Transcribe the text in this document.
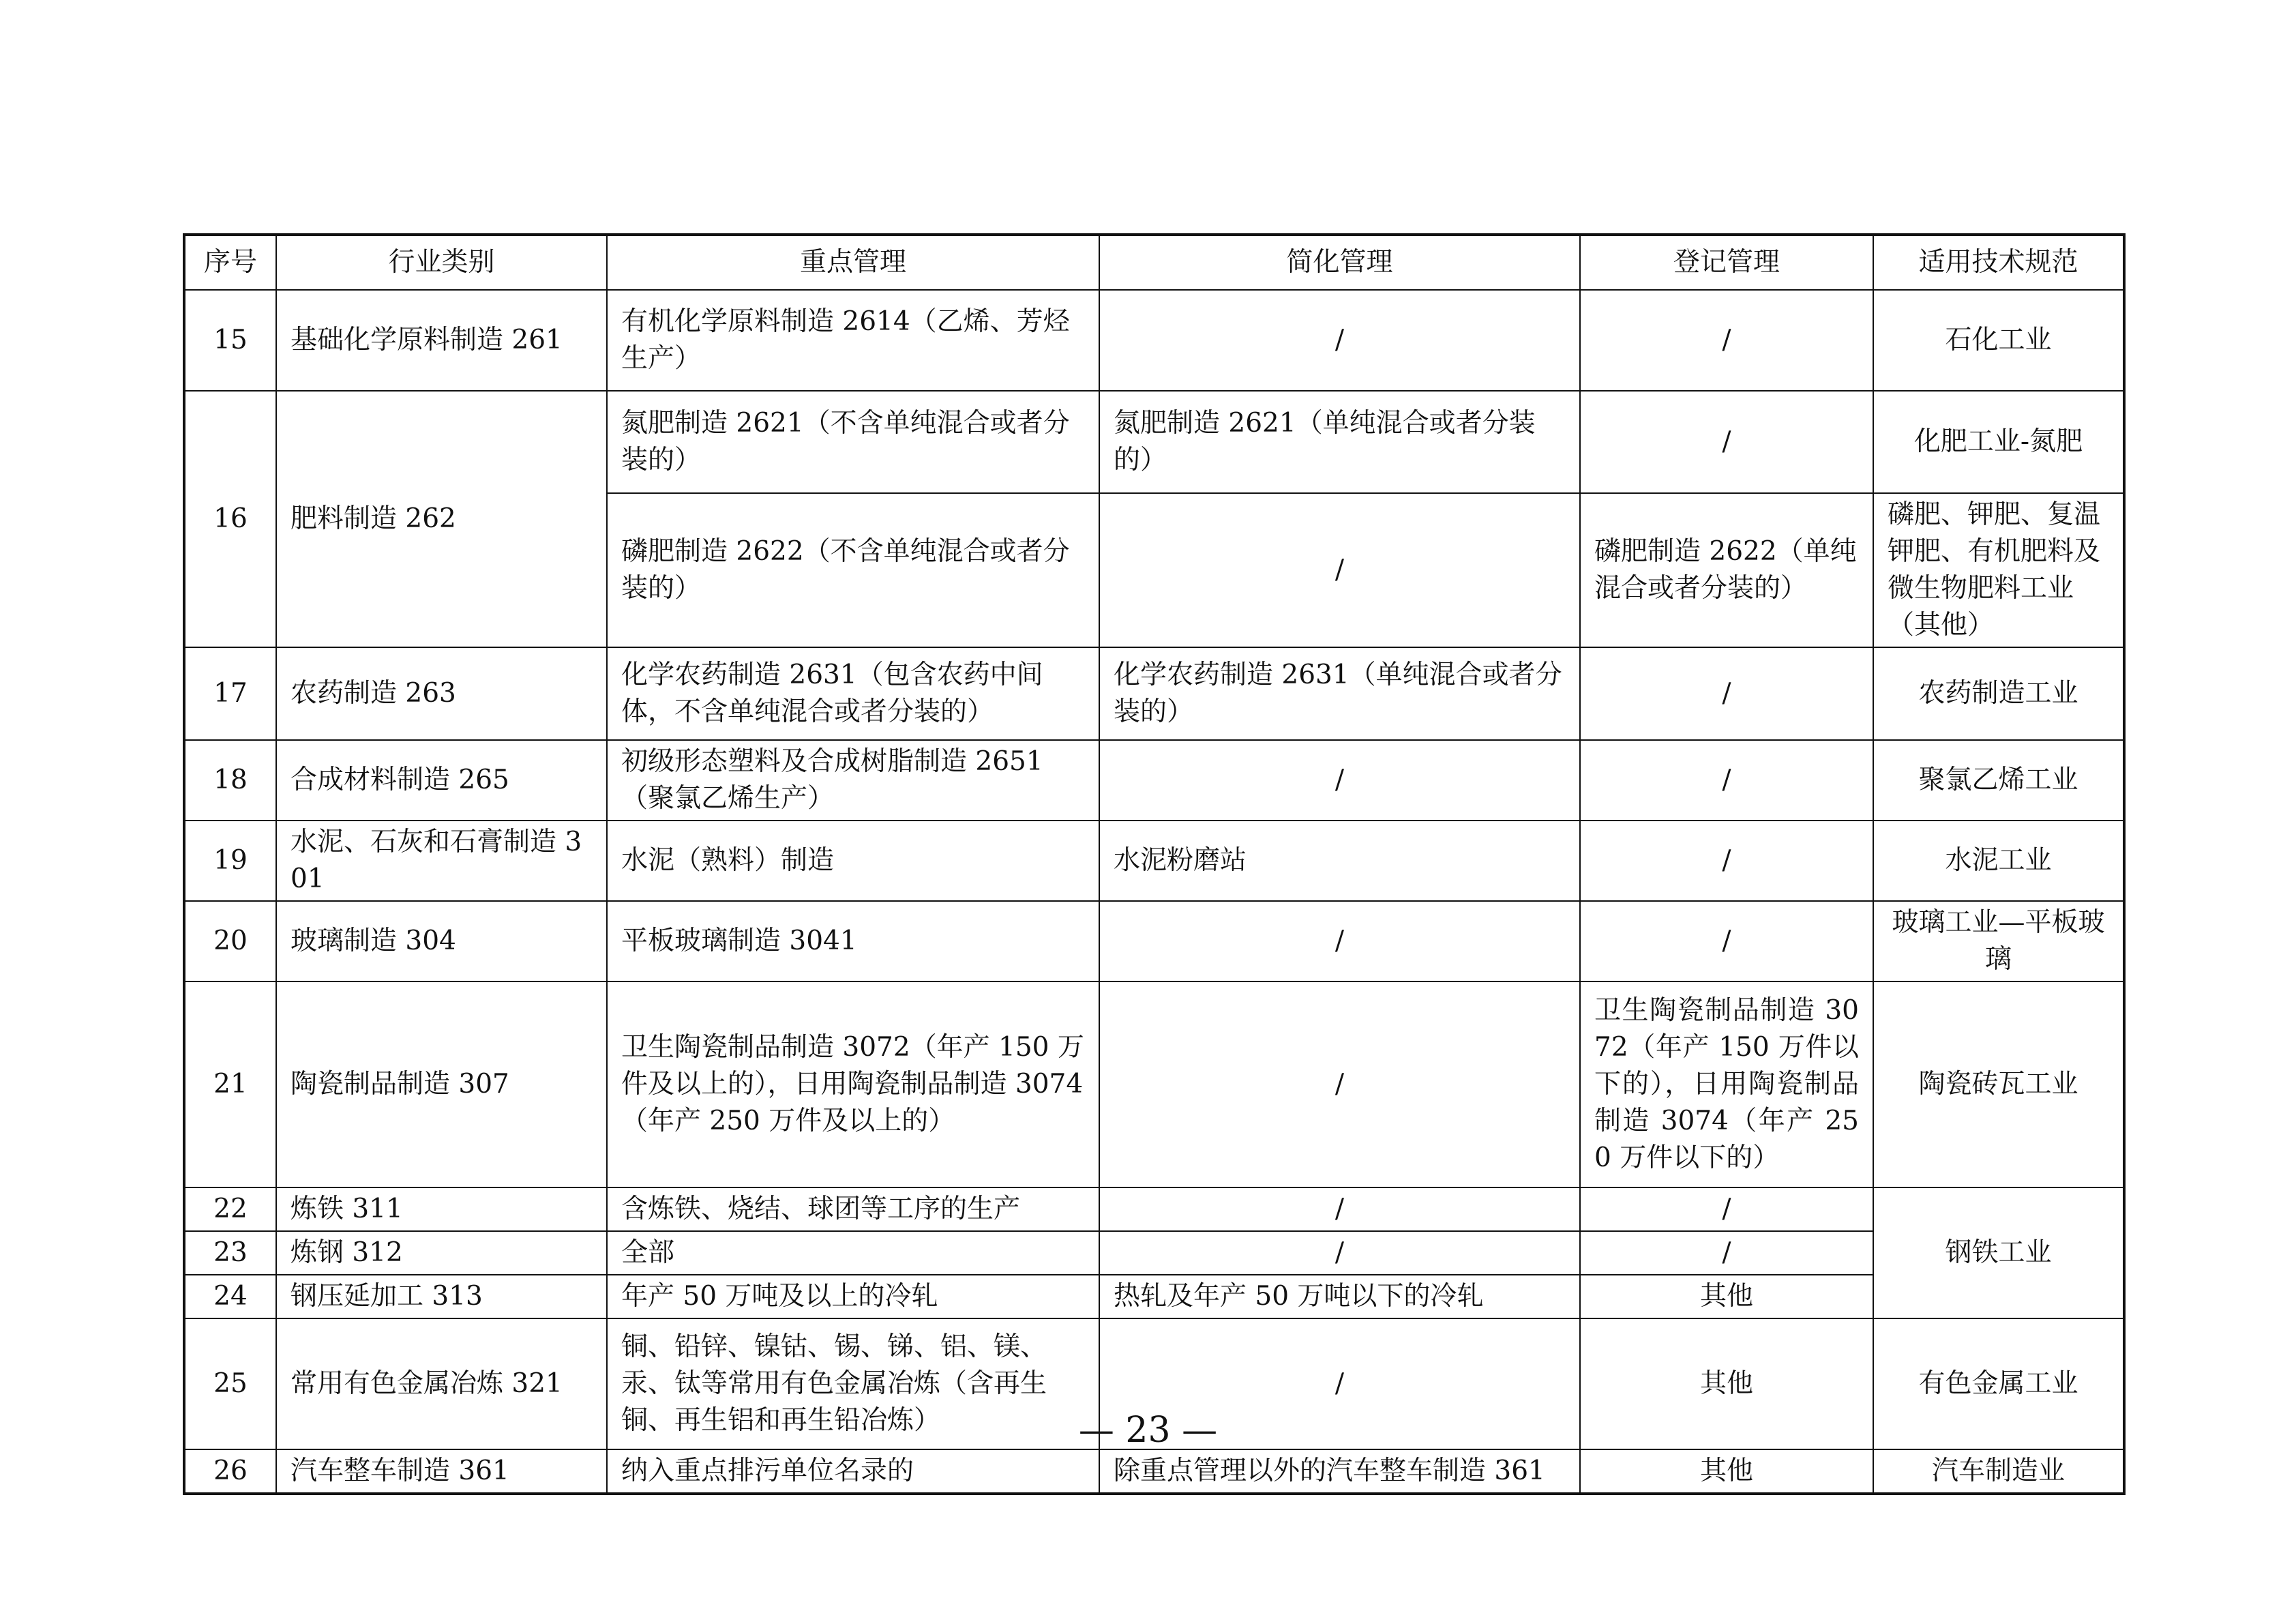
序号	行业类别	重点管理	简化管理	登记管理	适用技术规范
15	基础化学原料制造 261	有机化学原料制造 2614（乙烯、芳烃生产）	/	/	石化工业
16	肥料制造 262	氮肥制造 2621（不含单纯混合或者分装的）	氮肥制造 2621（单纯混合或者分装的）	/	化肥工业-氮肥
		磷肥制造 2622（不含单纯混合或者分装的）	/	磷肥制造 2622（单纯混合或者分装的）	磷肥、钾肥、复温钾肥、有机肥料及微生物肥料工业（其他）
17	农药制造 263	化学农药制造 2631（包含农药中间体，不含单纯混合或者分装的）	化学农药制造 2631（单纯混合或者分装的）	/	农药制造工业
18	合成材料制造 265	初级形态塑料及合成树脂制造 2651（聚氯乙烯生产）	/	/	聚氯乙烯工业
19	水泥、石灰和石膏制造 301	水泥（熟料）制造	水泥粉磨站	/	水泥工业
20	玻璃制造 304	平板玻璃制造 3041	/	/	玻璃工业—平板玻璃
21	陶瓷制品制造 307	卫生陶瓷制品制造 3072（年产 150 万件及以上的），日用陶瓷制品制造 3074（年产 250 万件及以上的）	/	卫生陶瓷制品制造 3072（年产 150 万件以下的），日用陶瓷制品制造 3074（年产 250 万件以下的）	陶瓷砖瓦工业
22	炼铁 311	含炼铁、烧结、球团等工序的生产	/	/	钢铁工业
23	炼钢 312	全部	/	/	
24	钢压延加工 313	年产 50 万吨及以上的冷轧	热轧及年产 50 万吨以下的冷轧	其他	
25	常用有色金属冶炼 321	铜、铅锌、镍钴、锡、锑、铝、镁、汞、钛等常用有色金属冶炼（含再生铜、再生铝和再生铅冶炼）	/	其他	有色金属工业
26	汽车整车制造 361	纳入重点排污单位名录的	除重点管理以外的汽车整车制造 361	其他	汽车制造业
— 23 —
